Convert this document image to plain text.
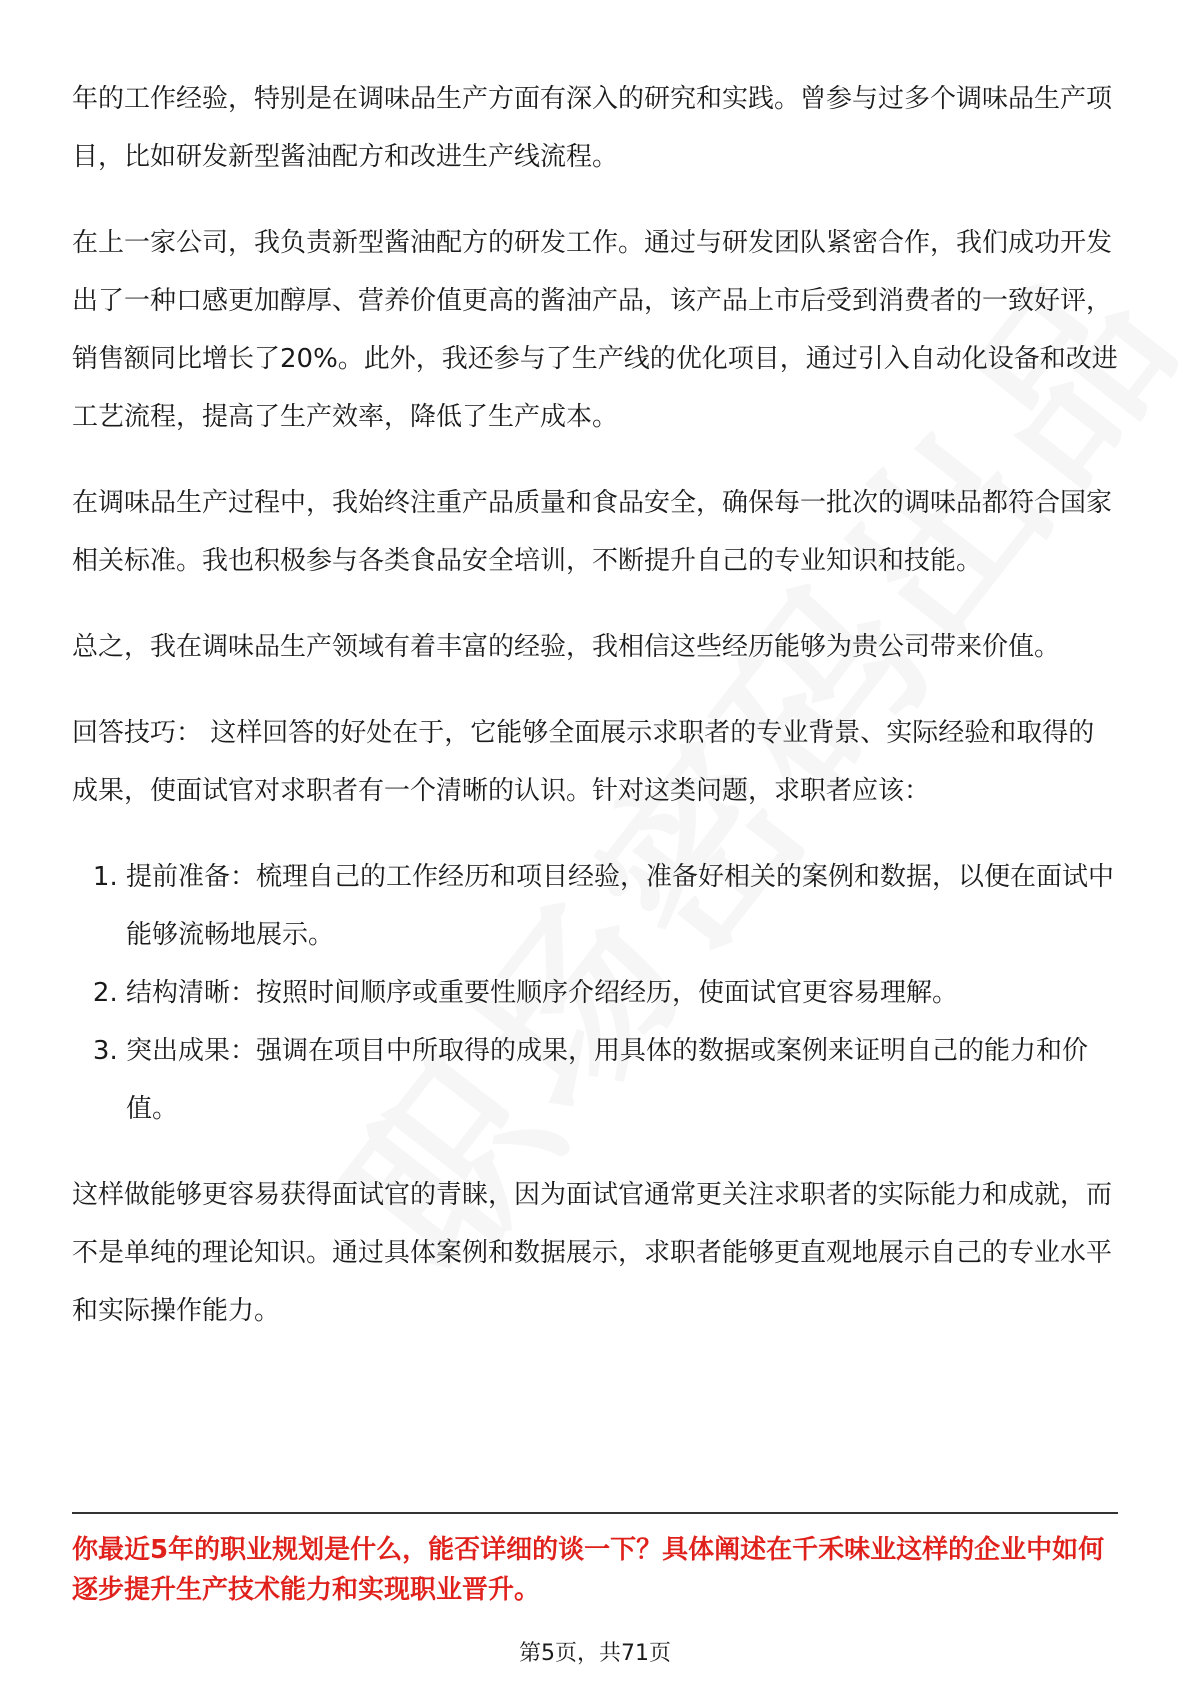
年的工作经验，特别是在调味品生产方面有深入的研究和实践。曾参与过多个调味品生产项目，比如研发新型酱油配方和改进生产线流程。

在上一家公司，我负责新型酱油配方的研发工作。通过与研发团队紧密合作，我们成功开发出了一种口感更加醇厚、营养价值更高的酱油产品，该产品上市后受到消费者的一致好评，销售额同比增长了20%。此外，我还参与了生产线的优化项目，通过引入自动化设备和改进工艺流程，提高了生产效率，降低了生产成本。

在调味品生产过程中，我始终注重产品质量和食品安全，确保每一批次的调味品都符合国家相关标准。我也积极参与各类食品安全培训，不断提升自己的专业知识和技能。

总之，我在调味品生产领域有着丰富的经验，我相信这些经历能够为贵公司带来价值。

回答技巧： 这样回答的好处在于，它能够全面展示求职者的专业背景、实际经验和取得的成果，使面试官对求职者有一个清晰的认识。针对这类问题，求职者应该：

1. 提前准备：梳理自己的工作经历和项目经验，准备好相关的案例和数据，以便在面试中能够流畅地展示。
2. 结构清晰：按照时间顺序或重要性顺序介绍经历，使面试官更容易理解。
3. 突出成果：强调在项目中所取得的成果，用具体的数据或案例来证明自己的能力和价值。

这样做能够更容易获得面试官的青睐，因为面试官通常更关注求职者的实际能力和成就，而不是单纯的理论知识。通过具体案例和数据展示，求职者能够更直观地展示自己的专业水平和实际操作能力。

你最近5年的职业规划是什么，能否详细的谈一下？具体阐述在千禾味业这样的企业中如何逐步提升生产技术能力和实现职业晋升。

第5页，共71页
